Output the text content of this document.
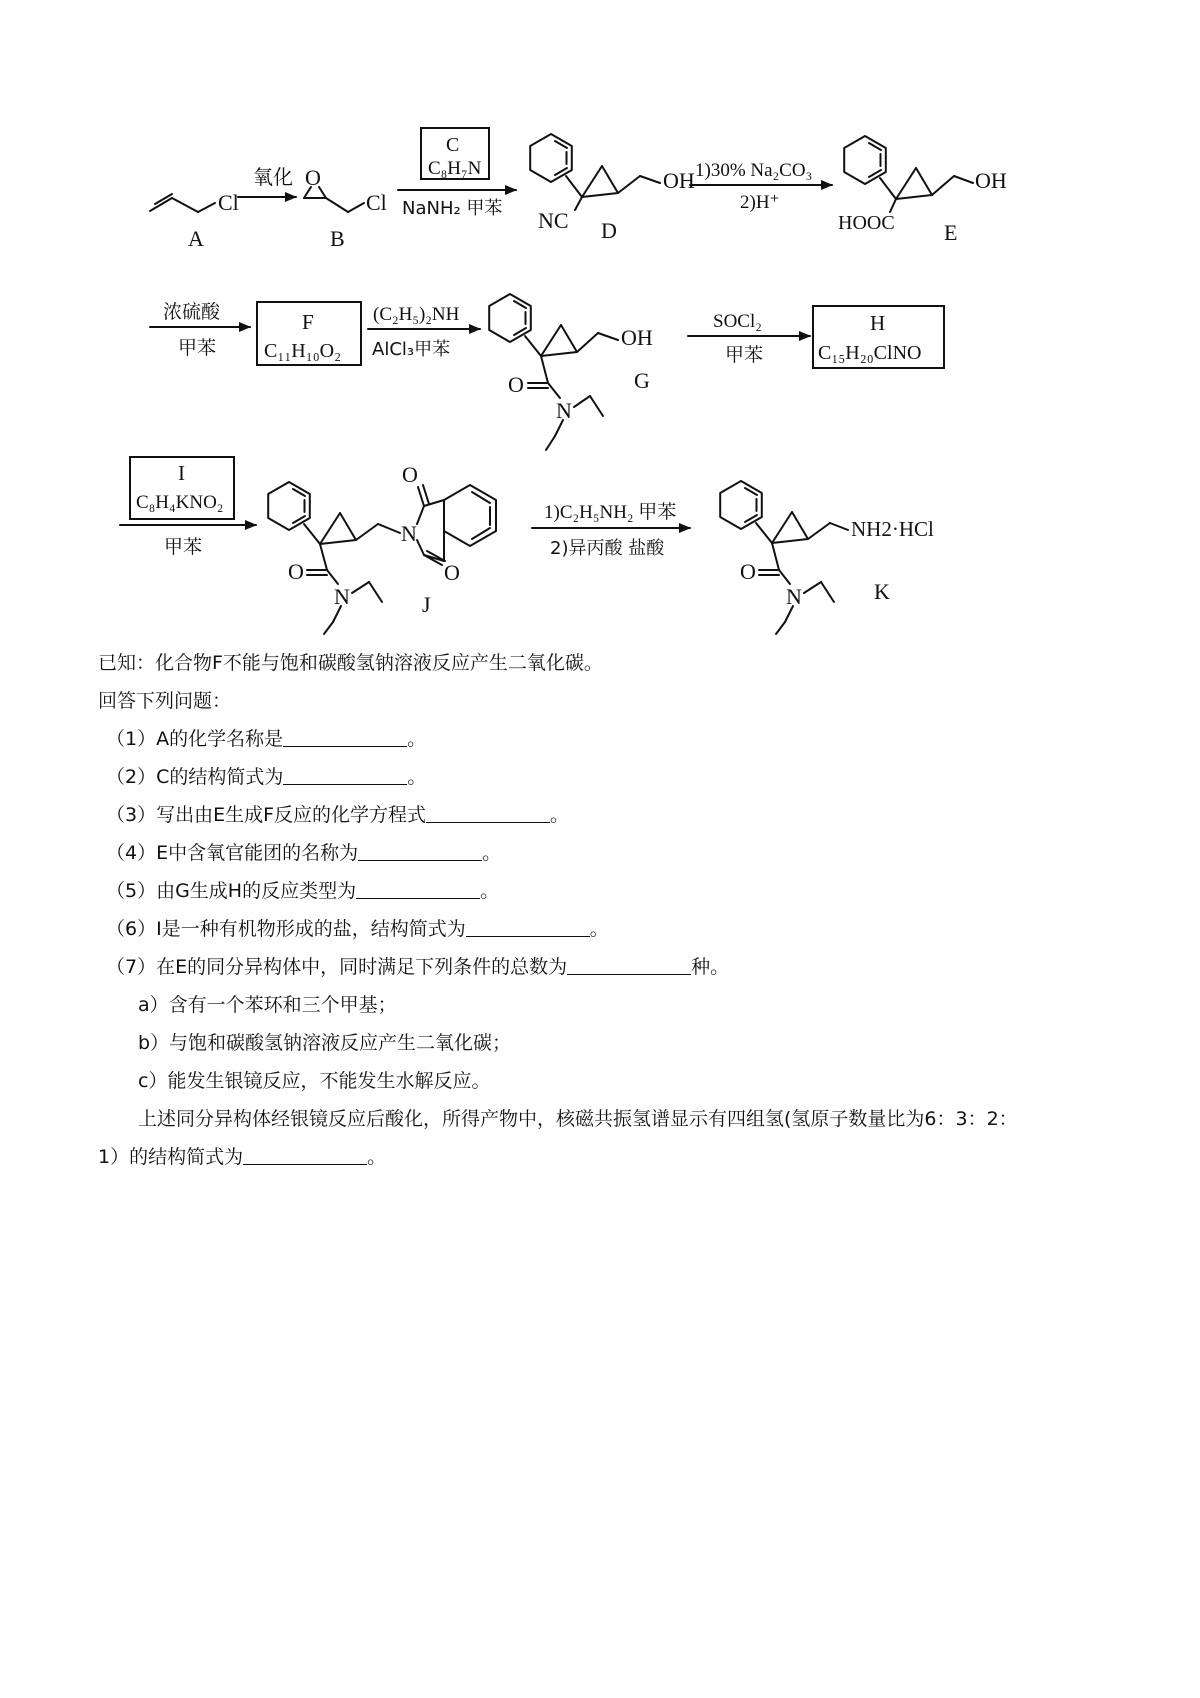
Cl
A
氧化 O
Cl
B
C
C₈H₇N
NaNH₂ 甲苯
OH
NC D
1)30% Na₂CO₃
2)H⁺
OH
HOOC E
浓硫酸
甲苯
F
C₁₁H₁₀O₂
(C₂H₅)₂NH
AlCl₃甲苯	OH
O
N
G
SOCl₂
甲苯
H
C₁₅H₂₀ClNO
I
C₈H₄KNO₂
甲苯
N
O
O
O
N	J
1)C₂H₅NH₂ 甲苯
2)异丙酸 盐酸
NH2·HCl
O
N	K
已知：化合物F不能与饱和碳酸氢钠溶液反应产生二氧化碳。
回答下列问题：
（1）A的化学名称是	。
（2）C的结构简式为	。
（3）写出由E生成F反应的化学方程式	。
（4）E中含氧官能团的名称为	。
（5）由G生成H的反应类型为	。
（6）I是一种有机物形成的盐，结构简式为	。
（7）在E的同分异构体中，同时满足下列条件的总数为	种。
a）含有一个苯环和三个甲基；
b）与饱和碳酸氢钠溶液反应产生二氧化碳；
c）能发生银镜反应，不能发生水解反应。
上述同分异构体经银镜反应后酸化，所得产物中，核磁共振氢谱显示有四组氢(氢原子数量比为6：3：2：
1）的结构简式为	。
